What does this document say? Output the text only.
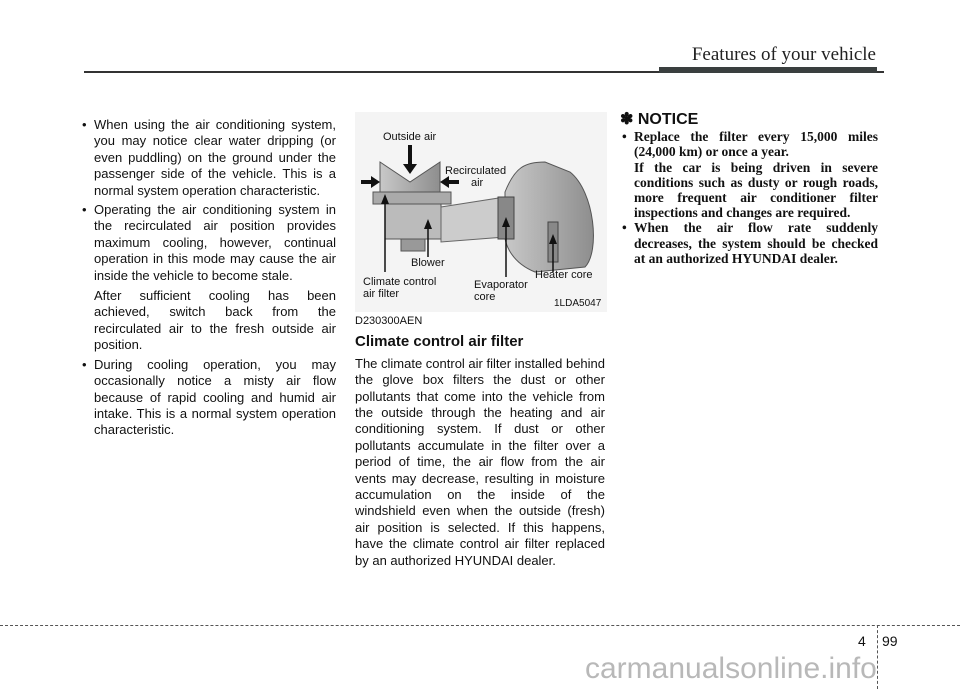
Features of your vehicle

• When using the air conditioning system, you may notice clear water dripping (or even puddling) on the ground under the passenger side of the vehicle. This is a normal system operation characteristic.

• Operating the air conditioning system in the recirculated air position provides maximum cooling, however, continual operation in this mode may cause the air inside the vehicle to become stale.

After sufficient cooling has been achieved, switch back from the recirculated air to the fresh outside air position.

• During cooling operation, you may occasionally notice a misty air flow because of rapid cooling and humid air intake. This is a normal system operation characteristic.

Outside air
Recirculated
air
Blower
Climate control
air filter
Evaporator
core
Heater core
1LDA5047

D230300AEN

Climate control air filter

The climate control air filter installed behind the glove box filters the dust or other pollutants that come into the vehicle from the outside through the heating and air conditioning system. If dust or other pollutants accumulate in the filter over a period of time, the air flow from the air vents may decrease, resulting in moisture accumulation on the inside of the windshield even when the outside (fresh) air position is selected. If this happens, have the climate control air filter replaced by an authorized HYUNDAI dealer.

✽ NOTICE

• Replace the filter every 15,000 miles (24,000 km) or once a year.

If the car is being driven in severe conditions such as dusty or rough roads, more frequent air conditioner filter inspections and changes are required.

• When the air flow rate suddenly decreases, the system should be checked at an authorized HYUNDAI dealer.

4 99
carmanualsonline.info
